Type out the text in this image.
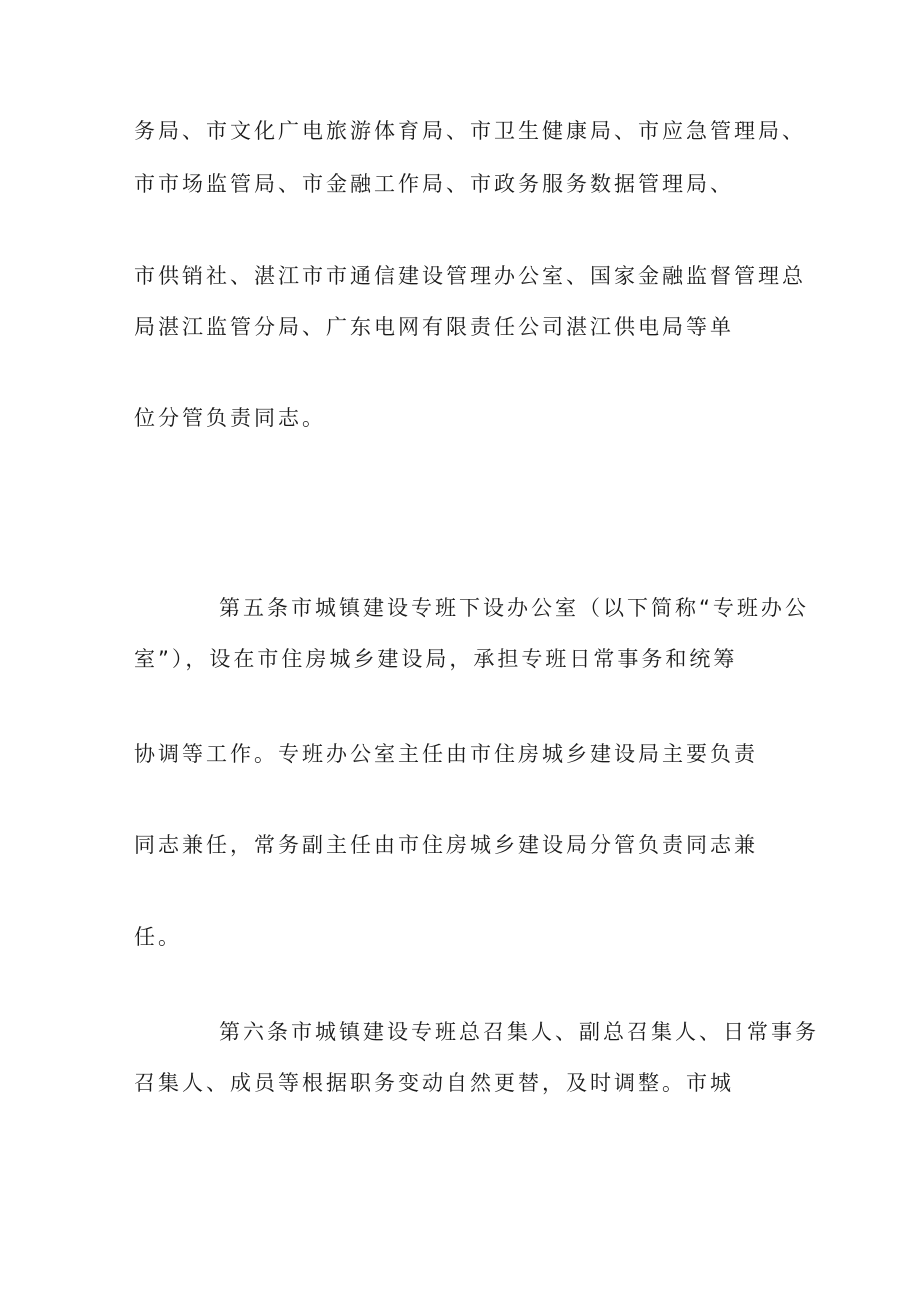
务局、市文化广电旅游体育局、市卫生健康局、市应急管理局、
市市场监管局、市金融工作局、市政务服务数据管理局、
市供销社、湛江市市通信建设管理办公室、国家金融监督管理总
局湛江监管分局、广东电网有限责任公司湛江供电局等单
位分管负责同志。
第五条市城镇建设专班下设办公室（以下简称“专班办公
室”），设在市住房城乡建设局，承担专班日常事务和统筹
协调等工作。专班办公室主任由市住房城乡建设局主要负责
同志兼任，常务副主任由市住房城乡建设局分管负责同志兼
任。
第六条市城镇建设专班总召集人、副总召集人、日常事务
召集人、成员等根据职务变动自然更替，及时调整。市城
